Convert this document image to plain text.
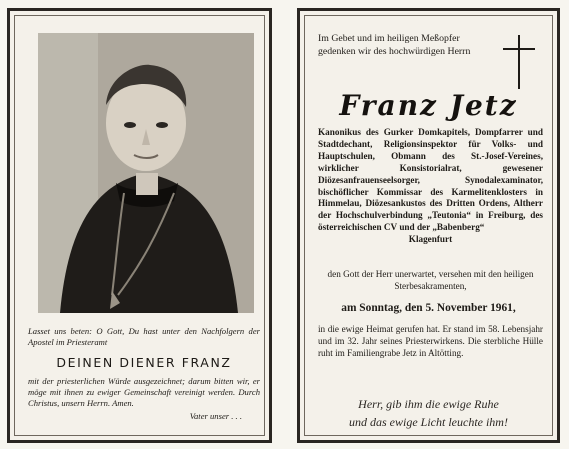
Lasset uns beten: O Gott, Du hast unter den Nachfolgern der Apostel im Priesteramt
DEINEN DIENER FRANZ
mit der priesterlichen Würde ausgezeichnet; darum bitten wir, er möge mit ihnen zu ewiger Gemeinschaft vereinigt werden. Durch Christus, unsern Herrn. Amen.
Vater unser . . .
Im Gebet und im heiligen Meßopfer gedenken wir des hochwürdigen Herrn
Franz Jetz
Kanonikus des Gurker Domkapitels, Dompfarrer und Stadtdechant, Religionsinspektor für Volks- und Hauptschulen, Obmann des St.-Josef-Vereines, wirklicher Konsistorialrat, gewesener Diözesanfrauenseelsorger, Synodalexaminator, bischöflicher Kommissar des Karmelitenklosters in Himmelau, Diözesankustos des Dritten Ordens, Altherr der Hochschulverbindung „Teutonia“ in Freiburg, des österreichischen CV und der „Babenberg“
Klagenfurt
den Gott der Herr unerwartet, versehen mit den heiligen Sterbesakramenten,
am Sonntag, den 5. November 1961,
in die ewige Heimat gerufen hat. Er stand im 58. Lebensjahr und im 32. Jahr seines Priesterwirkens. Die sterbliche Hülle ruht im Familiengrabe Jetz in Altötting.
Herr, gib ihm die ewige Ruhe
und das ewige Licht leuchte ihm!
